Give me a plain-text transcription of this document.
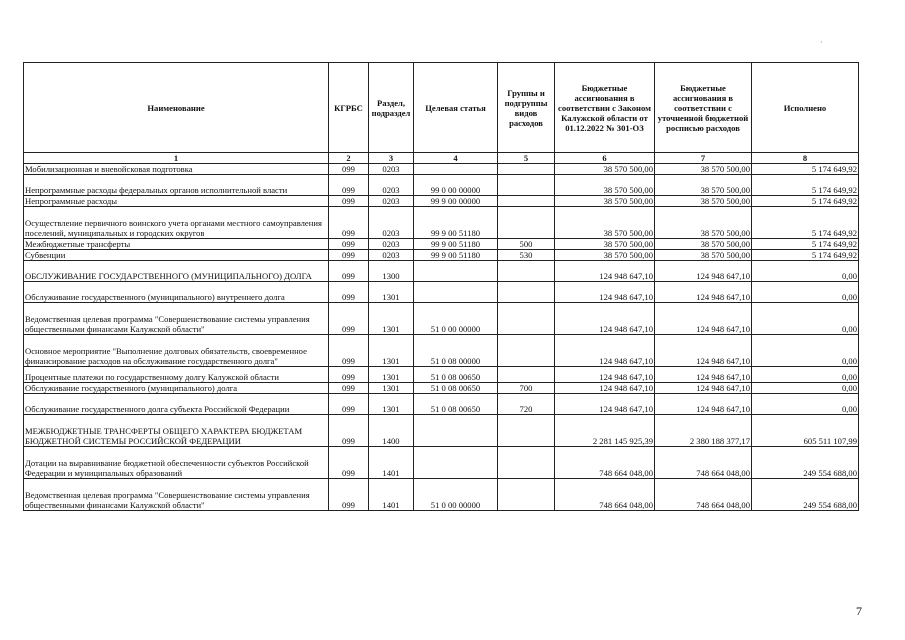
·
Наименование	КГРБС	Раздел, подраздел	Целевая статья	Группы и подгруппы видов расходов	Бюджетные ассигнования в соответствии с Законом Калужской области от 01.12.2022 № 301-ОЗ	Бюджетные ассигнования в соответствии с уточненной бюджетной росписью расходов	Исполнено
1	2	3	4	5	6	7	8
Мобилизационная и вневойсковая подготовка	099	0203			38 570 500,00	38 570 500,00	5 174 649,92
Непрограммные расходы федеральных органов исполнительной власти	099	0203	99 0 00 00000		38 570 500,00	38 570 500,00	5 174 649,92
Непрограммные расходы	099	0203	99 9 00 00000		38 570 500,00	38 570 500,00	5 174 649,92
Осуществление первичного воинского учета органами местного самоуправления поселений, муниципальных и городских округов	099	0203	99 9 00 51180		38 570 500,00	38 570 500,00	5 174 649,92
Межбюджетные трансферты	099	0203	99 9 00 51180	500	38 570 500,00	38 570 500,00	5 174 649,92
Субвенции	099	0203	99 9 00 51180	530	38 570 500,00	38 570 500,00	5 174 649,92
ОБСЛУЖИВАНИЕ ГОСУДАРСТВЕННОГО (МУНИЦИПАЛЬНОГО) ДОЛГА	099	1300			124 948 647,10	124 948 647,10	0,00
Обслуживание государственного (муниципального) внутреннего долга	099	1301			124 948 647,10	124 948 647,10	0,00
Ведомственная целевая программа "Совершенствование системы управления общественными финансами Калужской области"	099	1301	51 0 00 00000		124 948 647,10	124 948 647,10	0,00
Основное мероприятие "Выполнение долговых обязательств, своевременное финансирование расходов на обслуживание государственного долга"	099	1301	51 0 08 00000		124 948 647,10	124 948 647,10	0,00
Процентные платежи по государственному долгу Калужской области	099	1301	51 0 08 00650		124 948 647,10	124 948 647,10	0,00
Обслуживание государственного (муниципального) долга	099	1301	51 0 08 00650	700	124 948 647,10	124 948 647,10	0,00
Обслуживание государственного долга субъекта Российской Федерации	099	1301	51 0 08 00650	720	124 948 647,10	124 948 647,10	0,00
МЕЖБЮДЖЕТНЫЕ ТРАНСФЕРТЫ ОБЩЕГО ХАРАКТЕРА БЮДЖЕТАМ БЮДЖЕТНОЙ СИСТЕМЫ РОССИЙСКОЙ ФЕДЕРАЦИИ	099	1400			2 281 145 925,39	2 380 188 377,17	605 511 107,99
Дотации на выравнивание бюджетной обеспеченности субъектов Российской Федерации и муниципальных образований	099	1401			748 664 048,00	748 664 048,00	249 554 688,00
Ведомственная целевая программа "Совершенствование системы управления общественными финансами Калужской области"	099	1401	51 0 00 00000		748 664 048,00	748 664 048,00	249 554 688,00
7
